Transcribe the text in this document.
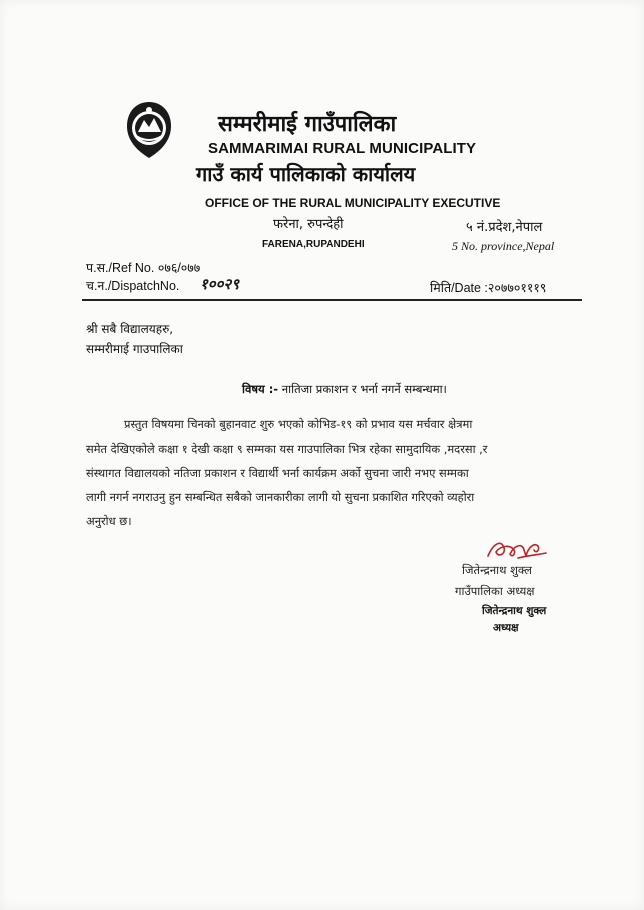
सम्मरीमाई गाउँपालिका
SAMMARIMAI RURAL MUNICIPALITY
गाउँ कार्य पालिकाको कार्यालय
OFFICE OF THE RURAL MUNICIPALITY EXECUTIVE
फरेना, रुपन्देही
FARENA,RUPANDEHI
५ नं.प्रदेश,नेपाल
5 No. province,Nepal
प.स./Ref No. ०७६/०७७
च.न./DispatchNo. १००२९	मिति/Date :२०७७०१११९
श्री सबै विद्यालयहरु,
सम्मरीमाई गाउपालिका
विषय :- नातिजा प्रकाशन र भर्ना नगर्ने सम्बन्धमा।
प्रस्तुत विषयमा चिनको बुहानवाट शुरु भएको कोभिड-१९ को प्रभाव यस मर्चवार क्षेत्रमा
समेत देखिएकोले कक्षा १ देखी कक्षा ९ सम्मका यस गाउपालिका भित्र रहेका सामुदायिक ,मदरसा ,र
संस्थागत विद्यालयको नतिजा प्रकाशन र विद्यार्थी भर्ना कार्यक्रम अर्को सुचना जारी नभए सम्मका
लागी नगर्न नगराउनु हुन सम्बन्धित सबैको जानकारीका लागी यो सुचना प्रकाशित गरिएको व्यहोरा
अनुरोध छ।
जितेन्द्रनाथ शुक्ल
गाउँपालिका अध्यक्ष
जितेन्द्रनाथ शुक्ल
अध्यक्ष
